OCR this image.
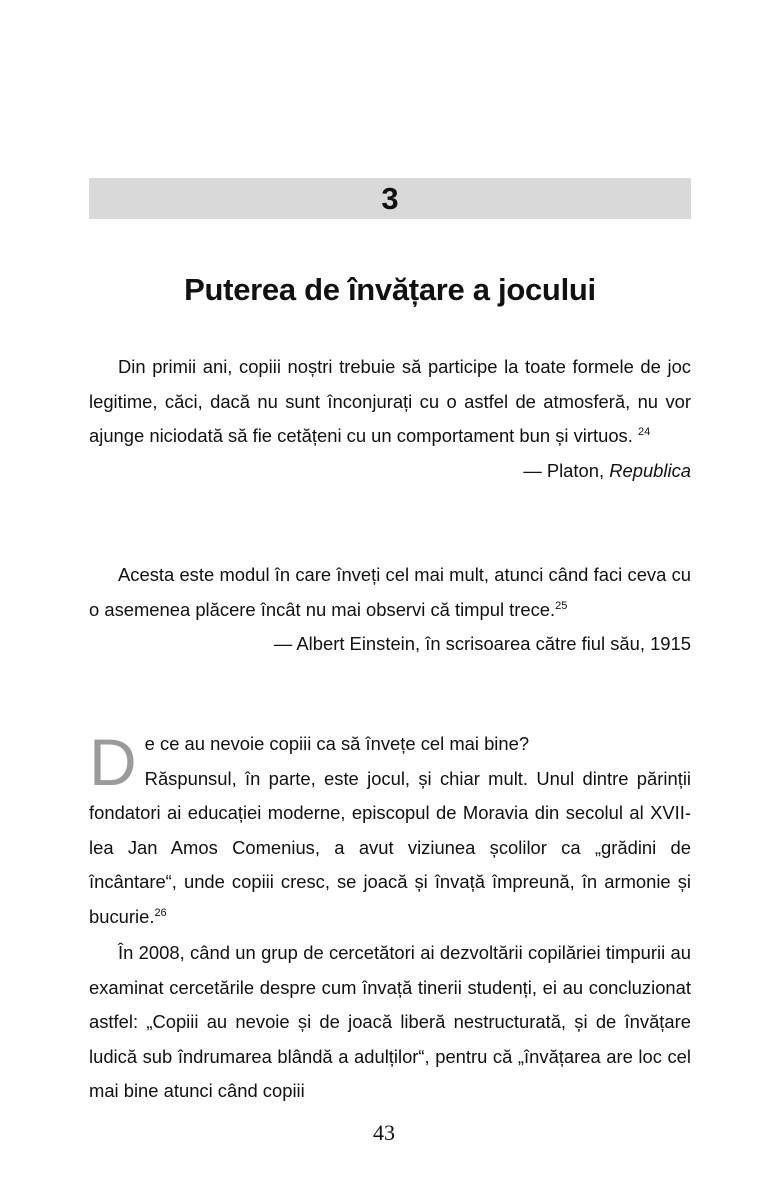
3
Puterea de învățare a jocului
Din primii ani, copiii noștri trebuie să participe la toate formele de joc legitime, căci, dacă nu sunt înconjurați cu o astfel de atmosferă, nu vor ajunge niciodată să fie cetățeni cu un comportament bun și virtuos. $^{24}$
— Platon, Republica
Acesta este modul în care înveți cel mai mult, atunci când faci ceva cu o asemenea plăcere încât nu mai observi că timpul trece.$^{25}$
— Albert Einstein, în scrisoarea către fiul său, 1915

De ce au nevoie copiii ca să învețe cel mai bine?
Răspunsul, în parte, este jocul, și chiar mult. Unul dintre părinții fondatori ai educației moderne, episcopul de Moravia din secolul al XVII-lea Jan Amos Comenius, a avut viziunea școlilor ca „grădini de încântare“, unde copiii cresc, se joacă și învață împreună, în armonie și bucurie.$^{26}$

În 2008, când un grup de cercetători ai dezvoltării copilăriei timpurii au examinat cercetările despre cum învață tinerii studenți, ei au concluzionat astfel: „Copiii au nevoie și de joacă liberă nestructurată, și de învățare ludică sub îndrumarea blândă a adulților“, pentru că „învățarea are loc cel mai bine atunci când copiii

43
